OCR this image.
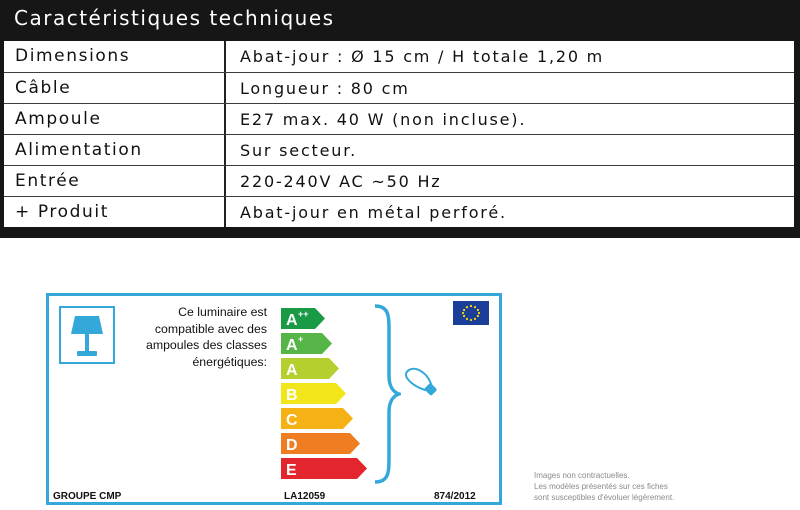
Caractéristiques techniques
Dimensions	Abat-jour : Ø 15 cm / H totale 1,20 m
Câble	Longueur : 80 cm
Ampoule	E27 max. 40 W (non incluse).
Alimentation	Sur secteur.
Entrée	220-240V AC ~50 Hz
+ Produit	Abat-jour en métal perforé.
Ce luminaire est
compatible avec des
ampoules des classes
énergétiques:
A ++
A +
A
B
C
D
E
GROUPE CMP	LA12059	874/2012
Images non contractuelles.
Les modèles présentés sur ces fiches
sont susceptibles d'évoluer légèrement.
